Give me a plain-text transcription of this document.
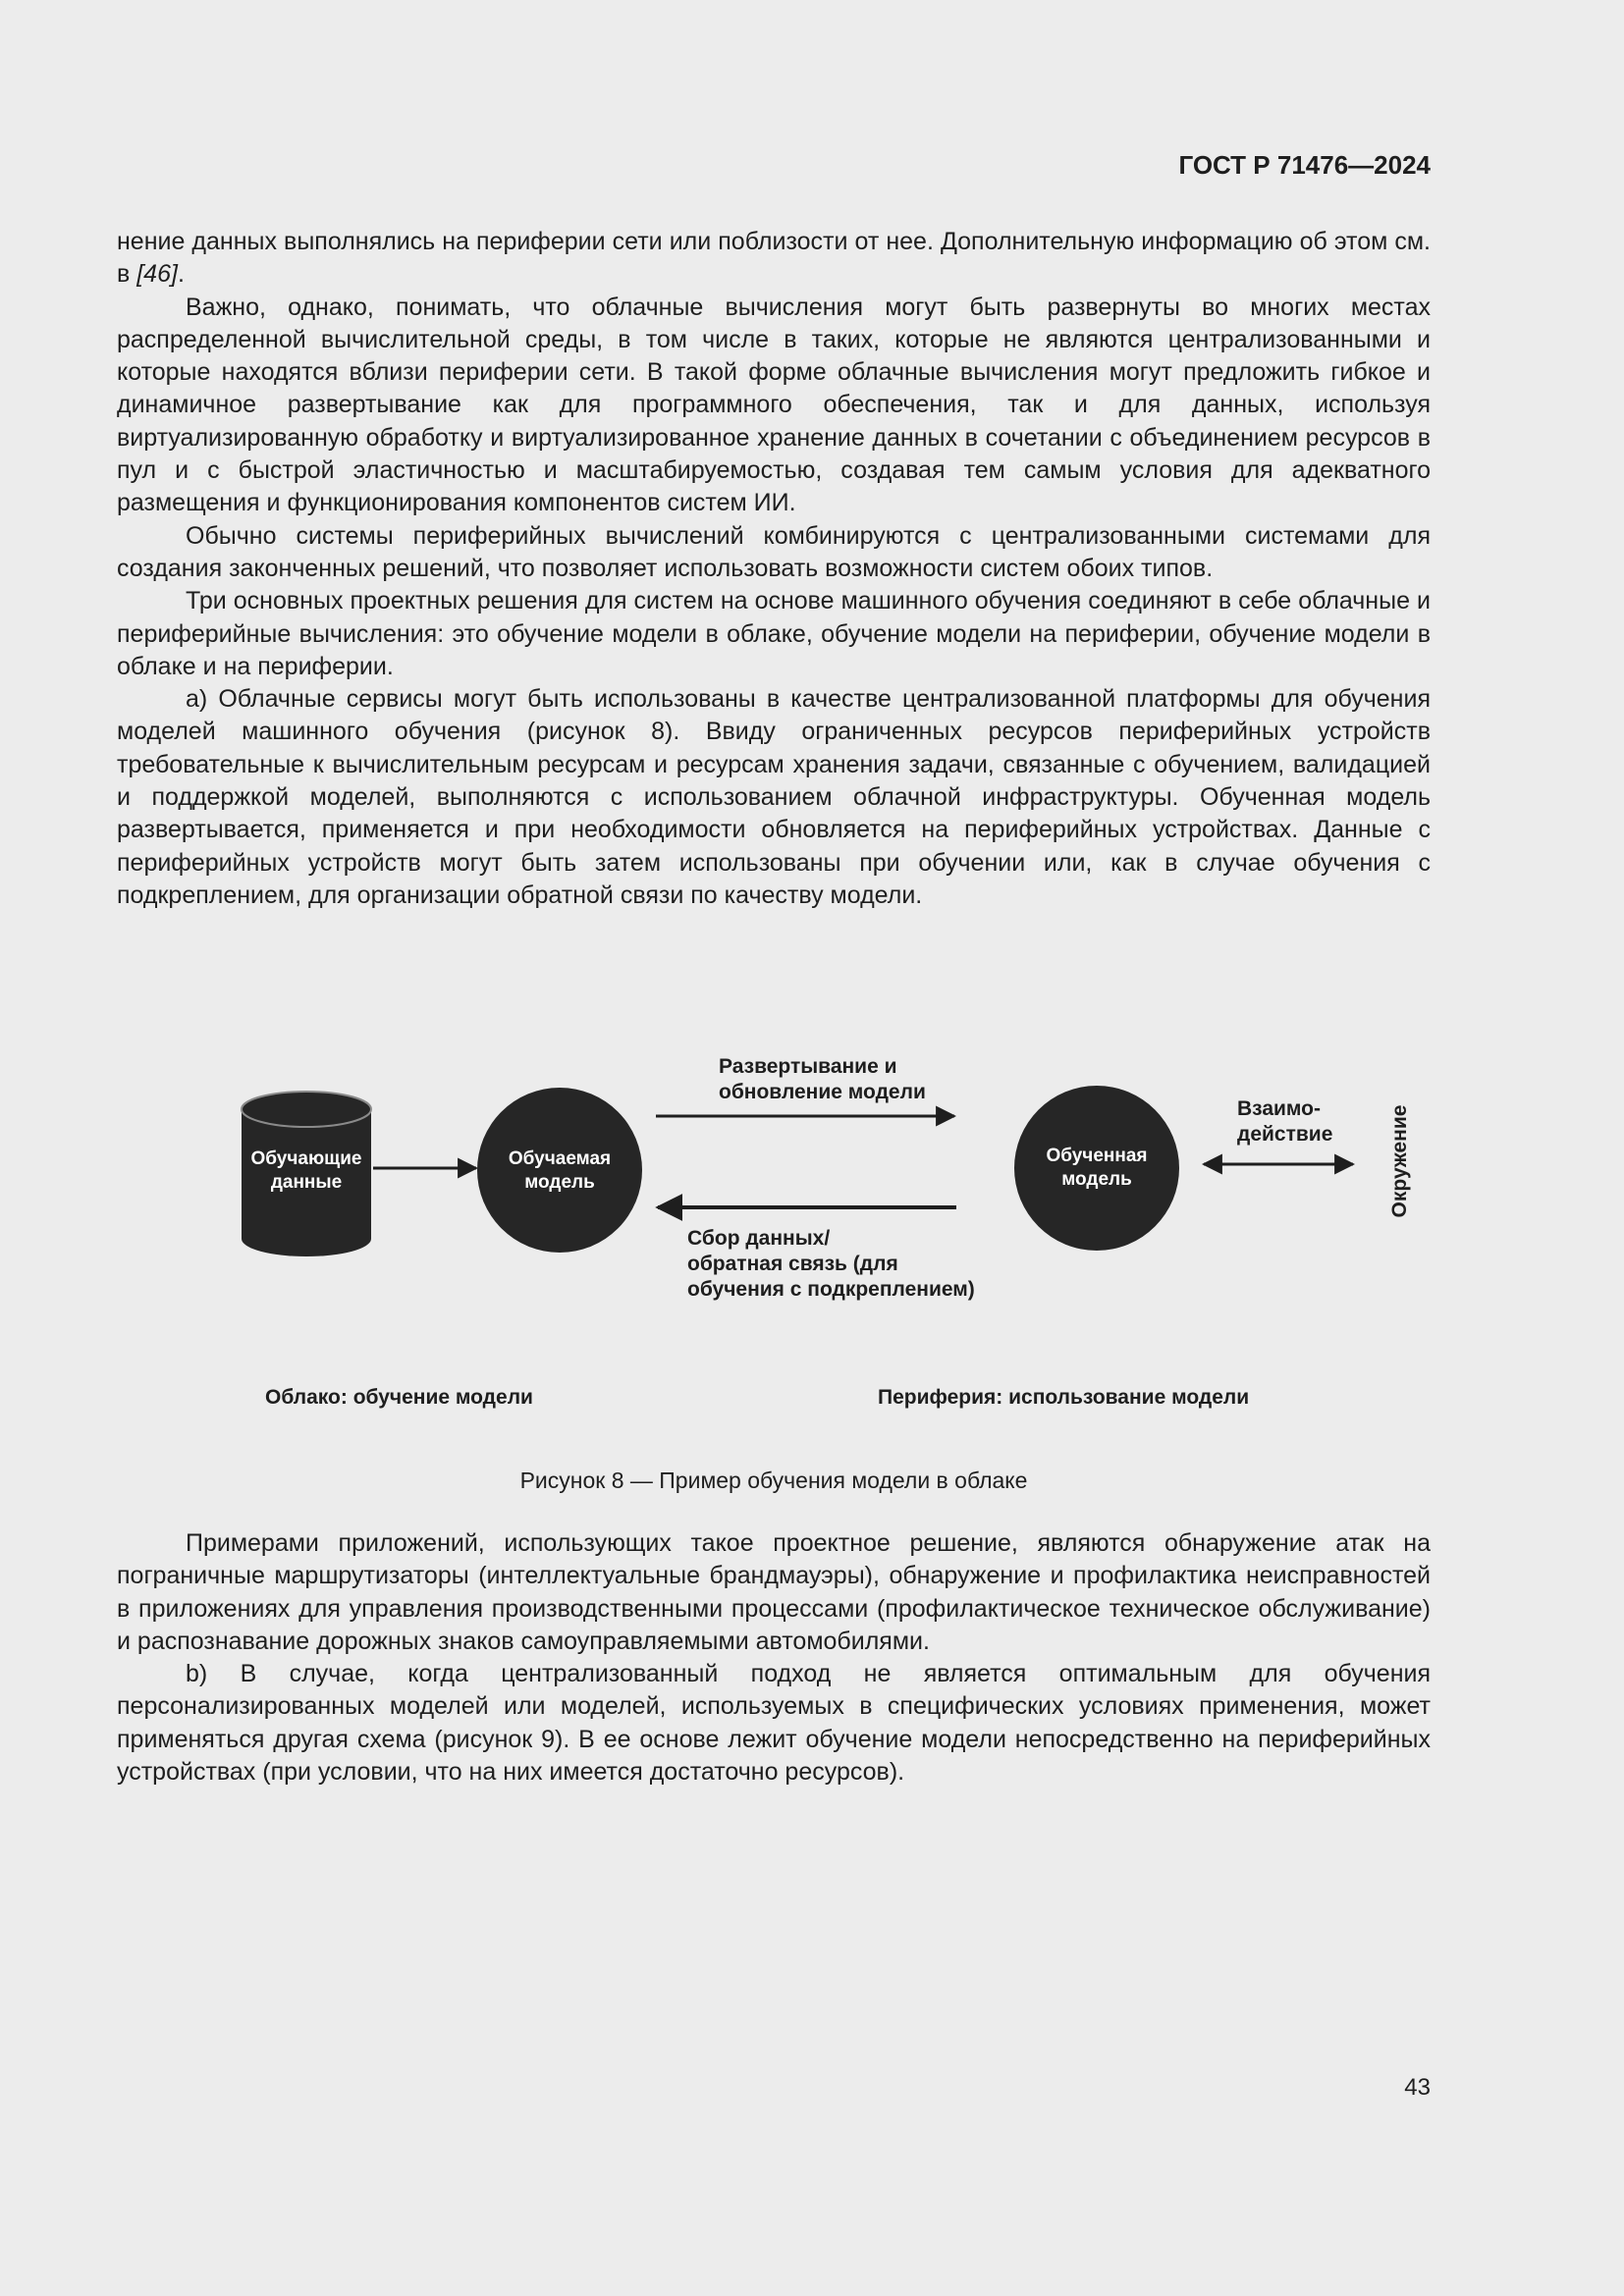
ГОСТ Р 71476—2024

нение данных выполнялись на периферии сети или поблизости от нее. Дополнительную информацию об этом см. в [46].

Важно, однако, понимать, что облачные вычисления могут быть развернуты во многих местах распределенной вычислительной среды, в том числе в таких, которые не являются централизованными и которые находятся вблизи периферии сети. В такой форме облачные вычисления могут предложить гибкое и динамичное развертывание как для программного обеспечения, так и для данных, используя виртуализированную обработку и виртуализированное хранение данных в сочетании с объединением ресурсов в пул и с быстрой эластичностью и масштабируемостью, создавая тем самым условия для адекватного размещения и функционирования компонентов систем ИИ.

Обычно системы периферийных вычислений комбинируются с централизованными системами для создания законченных решений, что позволяет использовать возможности систем обоих типов.

Три основных проектных решения для систем на основе машинного обучения соединяют в себе облачные и периферийные вычисления: это обучение модели в облаке, обучение модели на периферии, обучение модели в облаке и на периферии.

a) Облачные сервисы могут быть использованы в качестве централизованной платформы для обучения моделей машинного обучения (рисунок 8). Ввиду ограниченных ресурсов периферийных устройств требовательные к вычислительным ресурсам и ресурсам хранения задачи, связанные с обучением, валидацией и поддержкой моделей, выполняются с использованием облачной инфраструктуры. Обученная модель развертывается, применяется и при необходимости обновляется на периферийных устройствах. Данные с периферийных устройств могут быть затем использованы при обучении или, как в случае обучения с подкреплением, для организации обратной связи по качеству модели.

Обучающие
данные
Обучаемая
модель
Развертывание и
обновление модели
Сбор данных/
обратная связь (для
обучения с подкреплением)
Обученная
модель
Взаимо-
действие	Окружение
Облако: обучение модели	Периферия: использование модели
Рисунок 8 — Пример обучения модели в облаке

Примерами приложений, использующих такое проектное решение, являются обнаружение атак на пограничные маршрутизаторы (интеллектуальные брандмауэры), обнаружение и профилактика неисправностей в приложениях для управления производственными процессами (профилактическое техническое обслуживание) и распознавание дорожных знаков самоуправляемыми автомобилями.

b) В случае, когда централизованный подход не является оптимальным для обучения персонализированных моделей или моделей, используемых в специфических условиях применения, может применяться другая схема (рисунок 9). В ее основе лежит обучение модели непосредственно на периферийных устройствах (при условии, что на них имеется достаточно ресурсов).

43
